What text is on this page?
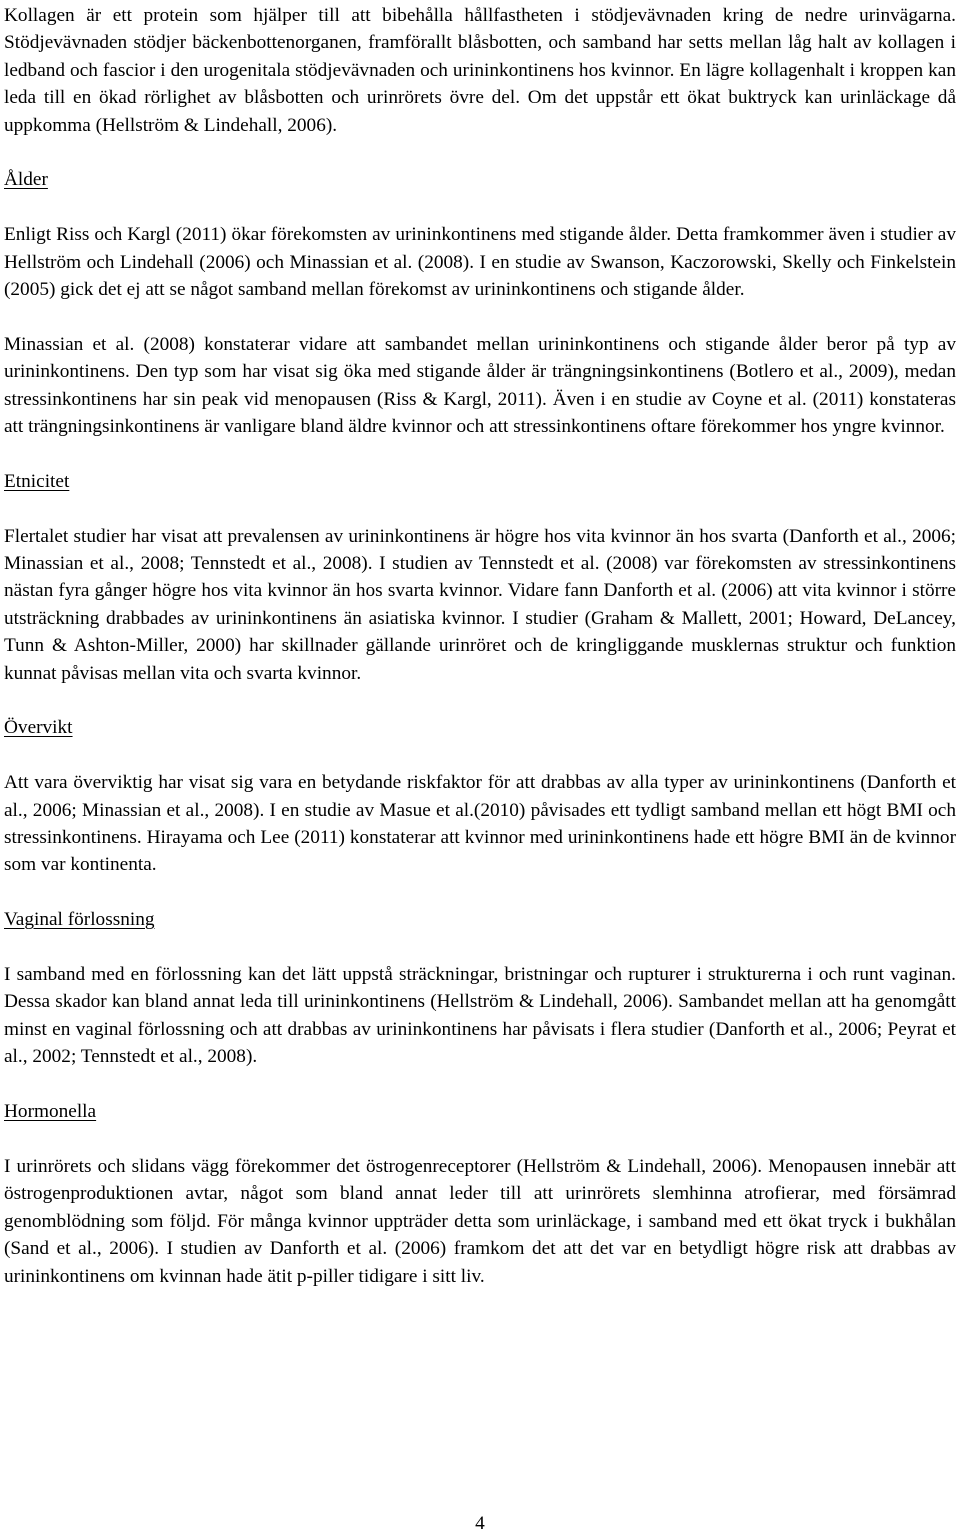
Kollagen är ett protein som hjälper till att bibehålla hållfastheten i stödjevävnaden kring de nedre urinvägarna. Stödjevävnaden stödjer bäckenbottenorganen, framförallt blåsbotten, och samband har setts mellan låg halt av kollagen i ledband och fascior i den urogenitala stödjevävnaden och urininkontinens hos kvinnor. En lägre kollagenhalt i kroppen kan leda till en ökad rörlighet av blåsbotten och urinrörets övre del. Om det uppstår ett ökat buktryck kan urinläckage då uppkomma (Hellström & Lindehall, 2006).

Ålder

Enligt Riss och Kargl (2011) ökar förekomsten av urininkontinens med stigande ålder. Detta framkommer även i studier av Hellström och Lindehall (2006) och Minassian et al. (2008). I en studie av Swanson, Kaczorowski, Skelly och Finkelstein (2005) gick det ej att se något samband mellan förekomst av urininkontinens och stigande ålder.

Minassian et al. (2008) konstaterar vidare att sambandet mellan urininkontinens och stigande ålder beror på typ av urininkontinens. Den typ som har visat sig öka med stigande ålder är trängningsinkontinens (Botlero et al., 2009), medan stressinkontinens har sin peak vid menopausen (Riss & Kargl, 2011). Även i en studie av Coyne et al. (2011) konstateras att trängningsinkontinens är vanligare bland äldre kvinnor och att stressinkontinens oftare förekommer hos yngre kvinnor.

Etnicitet

Flertalet studier har visat att prevalensen av urininkontinens är högre hos vita kvinnor än hos svarta (Danforth et al., 2006; Minassian et al., 2008; Tennstedt et al., 2008). I studien av Tennstedt et al. (2008) var förekomsten av stressinkontinens nästan fyra gånger högre hos vita kvinnor än hos svarta kvinnor. Vidare fann Danforth et al. (2006) att vita kvinnor i större utsträckning drabbades av urininkontinens än asiatiska kvinnor. I studier (Graham & Mallett, 2001; Howard, DeLancey, Tunn & Ashton-Miller, 2000) har skillnader gällande urinröret och de kringliggande musklernas struktur och funktion kunnat påvisas mellan vita och svarta kvinnor.

Övervikt

Att vara överviktig har visat sig vara en betydande riskfaktor för att drabbas av alla typer av urininkontinens (Danforth et al., 2006; Minassian et al., 2008). I en studie av Masue et al.(2010) påvisades ett tydligt samband mellan ett högt BMI och stressinkontinens. Hirayama och Lee (2011) konstaterar att kvinnor med urininkontinens hade ett högre BMI än de kvinnor som var kontinenta.

Vaginal förlossning

I samband med en förlossning kan det lätt uppstå sträckningar, bristningar och rupturer i strukturerna i och runt vaginan. Dessa skador kan bland annat leda till urininkontinens (Hellström & Lindehall, 2006). Sambandet mellan att ha genomgått minst en vaginal förlossning och att drabbas av urininkontinens har påvisats i flera studier (Danforth et al., 2006; Peyrat et al., 2002; Tennstedt et al., 2008).

Hormonella

I urinrörets och slidans vägg förekommer det östrogenreceptorer (Hellström & Lindehall, 2006). Menopausen innebär att östrogenproduktionen avtar, något som bland annat leder till att urinrörets slemhinna atrofierar, med försämrad genomblödning som följd. För många kvinnor uppträder detta som urinläckage, i samband med ett ökat tryck i bukhålan (Sand et al., 2006). I studien av Danforth et al. (2006) framkom det att det var en betydligt högre risk att drabbas av urininkontinens om kvinnan hade ätit p-piller tidigare i sitt liv.

4
